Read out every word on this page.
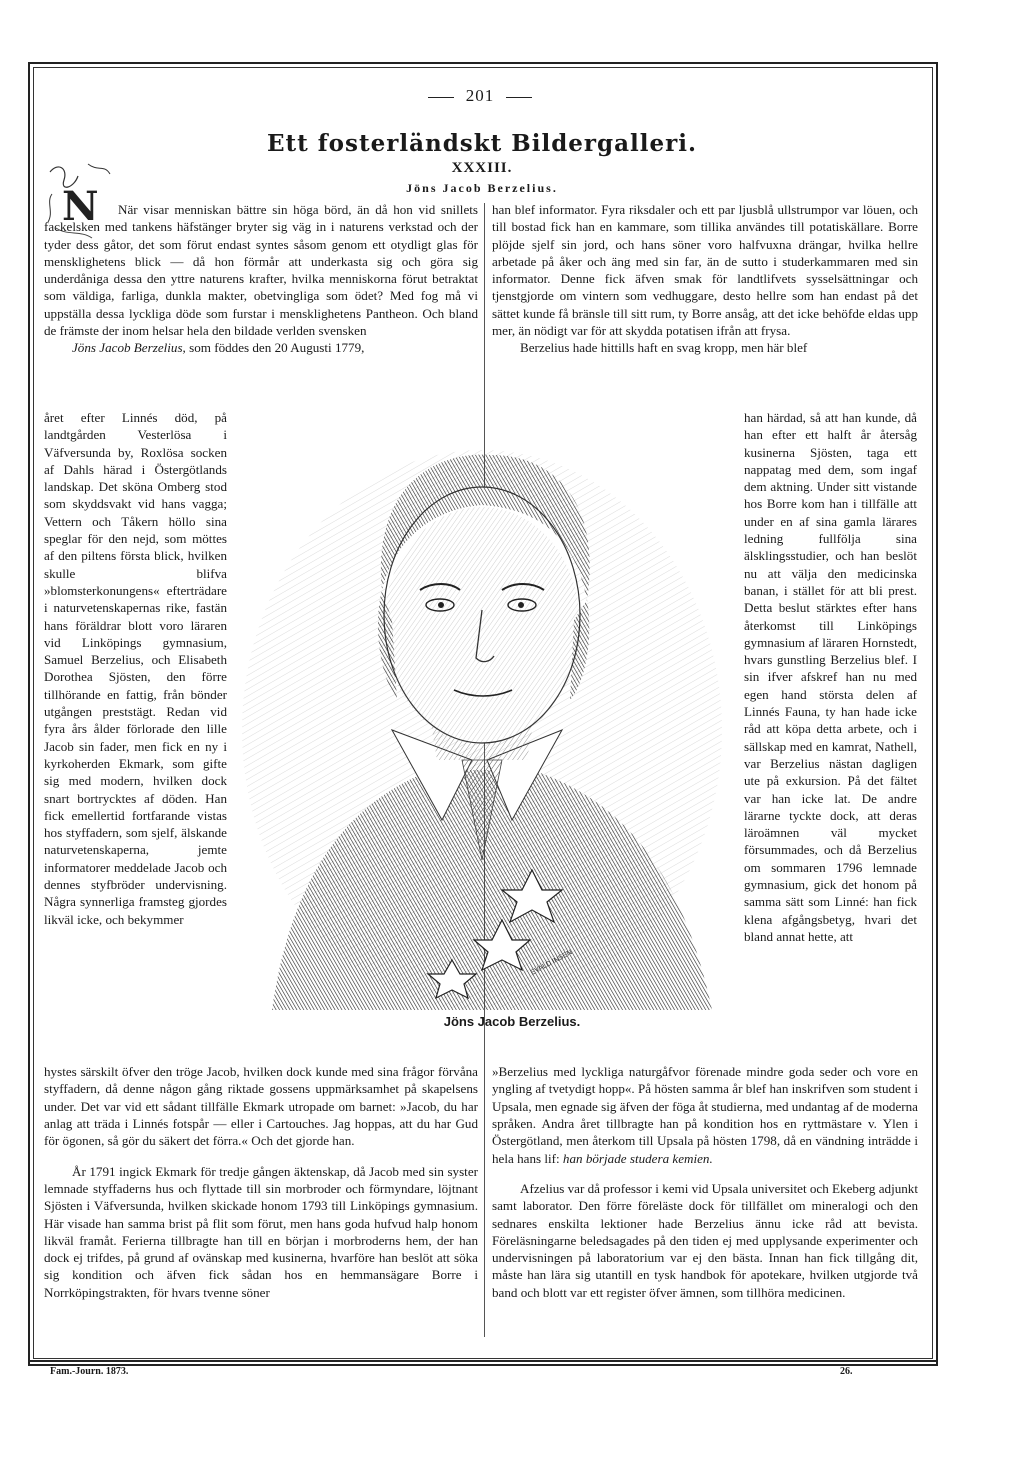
201
Ett fosterländskt Bildergalleri.
XXXIII.
Jöns Jacob Berzelius.
N	När visar menniskan bättre sin höga börd, än då hon vid snillets fackelsken med tankens häfstänger bryter sig väg in i naturens verkstad och der tyder dess gåtor, det som förut endast syntes såsom genom ett otydligt glas för mensklighetens blick — då hon förmår att underkasta sig och göra sig underdåniga dessa den yttre naturens krafter, hvilka menniskorna förut betraktat som väldiga, farliga, dunkla makter, obetvingliga som ödet? Med fog må vi uppställa dessa lyckliga döde som furstar i mensklighetens Pantheon. Och bland de främste der inom helsar hela den bildade verlden svensken

Jöns Jacob Berzelius, som föddes den 20 Augusti 1779,

han blef informator. Fyra riksdaler och ett par ljusblå ullstrumpor var löuen, och till bostad fick han en kammare, som tillika användes till potatiskällare. Borre plöjde sjelf sin jord, och hans söner voro halfvuxna drängar, hvilka hellre arbetade på åker och äng med sin far, än de sutto i studerkammaren med sin informator. Denne fick äfven smak för landtlifvets sysselsättningar och tjenstgjorde om vintern som vedhuggare, desto hellre som han endast på det sättet kunde få bränsle till sitt rum, ty Borre ansåg, att det icke behöfde eldas upp mer, än nödigt var för att skydda potatisen ifrån att frysa.

Berzelius hade hittills haft en svag kropp, men här blef

året efter Linnés död, på landtgården Vesterlösa i Väfversunda by, Roxlösa socken af Dahls härad i Östergötlands landskap. Det sköna Omberg stod som skyddsvakt vid hans vagga; Vettern och Tåkern höllo sina speglar för den nejd, som möttes af den piltens första blick, hvilken skulle blifva »blomsterkonungens« efterträdare i naturvetenskapernas rike, fastän hans föräldrar blott voro läraren vid Linköpings gymnasium, Samuel Berzelius, och Elisabeth Dorothea Sjösten, den förre tillhörande en fattig, från bönder utgången preststägt. Redan vid fyra års ålder förlorade den lille Jacob sin fader, men fick en ny i kyrkoherden Ekmark, som gifte sig med modern, hvilken dock snart bortrycktes af döden. Han fick emellertid fortfarande vistas hos styffadern, som sjelf, älskande naturvetenskaperna, jemte informatorer meddelade Jacob och dennes styfbröder undervisning. Några synnerliga framsteg gjordes likväl icke, och bekymmer
han härdad, så att han kunde, då han efter ett halft år återsåg kusinerna Sjösten, taga ett nappatag med dem, som ingaf dem aktning. Under sitt vistande hos Borre kom han i tillfälle att under en af sina gamla lärares ledning fullfölja sina älsklingsstudier, och han beslöt nu att välja den medicinska banan, i stället för att bli prest. Detta beslut stärktes efter hans återkomst till Linköpings gymnasium af läraren Hornstedt, hvars gunstling Berzelius blef. I sin ifver afskref han nu med egen hand största delen af Linnés Fauna, ty han hade icke råd att köpa detta arbete, och i sällskap med en kamrat, Nathell, var Berzelius nästan dagligen ute på exkursion. På det fältet var han icke lat. De andre lärarne tyckte dock, att deras läroämnen väl mycket försummades, och då Berzelius om sommaren 1796 lemnade gymnasium, gick det honom på samma sätt som Linné: han fick klena afgångsbetyg, hvari det bland annat hette, att
EVALD INSEN
Jöns Jacob Berzelius.

hystes särskilt öfver den tröge Jacob, hvilken dock kunde med sina frågor förvåna styffadern, då denne någon gång riktade gossens uppmärksamhet på skapelsens under. Det var vid ett sådant tillfälle Ekmark utropade om barnet: »Jacob, du har anlag att träda i Linnés fotspår — eller i Cartouches. Jag hoppas, att du har Gud för ögonen, så gör du säkert det förra.« Och det gjorde han.

År 1791 ingick Ekmark för tredje gången äktenskap, då Jacob med sin syster lemnade styffaderns hus och flyttade till sin morbroder och förmyndare, löjtnant Sjösten i Väfversunda, hvilken skickade honom 1793 till Linköpings gymnasium. Här visade han samma brist på flit som förut, men hans goda hufvud halp honom likväl framåt. Ferierna tillbragte han till en början i morbroderns hem, der han dock ej trifdes, på grund af ovänskap med kusinerna, hvarföre han beslöt att söka sig kondition och äfven fick sådan hos en hemmansägare Borre i Norrköpingstrakten, för hvars tvenne söner

»Berzelius med lyckliga naturgåfvor förenade mindre goda seder och vore en yngling af tvetydigt hopp«. På hösten samma år blef han inskrifven som student i Upsala, men egnade sig äfven der föga åt studierna, med undantag af de moderna språken. Andra året tillbragte han på kondition hos en ryttmästare v. Ylen i Östergötland, men återkom till Upsala på hösten 1798, då en vändning inträdde i hela hans lif: han började studera kemien.

Afzelius var då professor i kemi vid Upsala universitet och Ekeberg adjunkt samt laborator. Den förre föreläste dock för tillfället om mineralogi och den sednares enskilta lektioner hade Berzelius ännu icke råd att bevista. Föreläsningarne beledsagades på den tiden ej med upplysande experimenter och undervisningen på laboratorium var ej den bästa. Innan han fick tillgång dit, måste han lära sig utantill en tysk handbok för apotekare, hvilken utgjorde två band och blott var ett register öfver ämnen, som tillhöra medicinen.

Fam.-Journ. 1873.	26.
